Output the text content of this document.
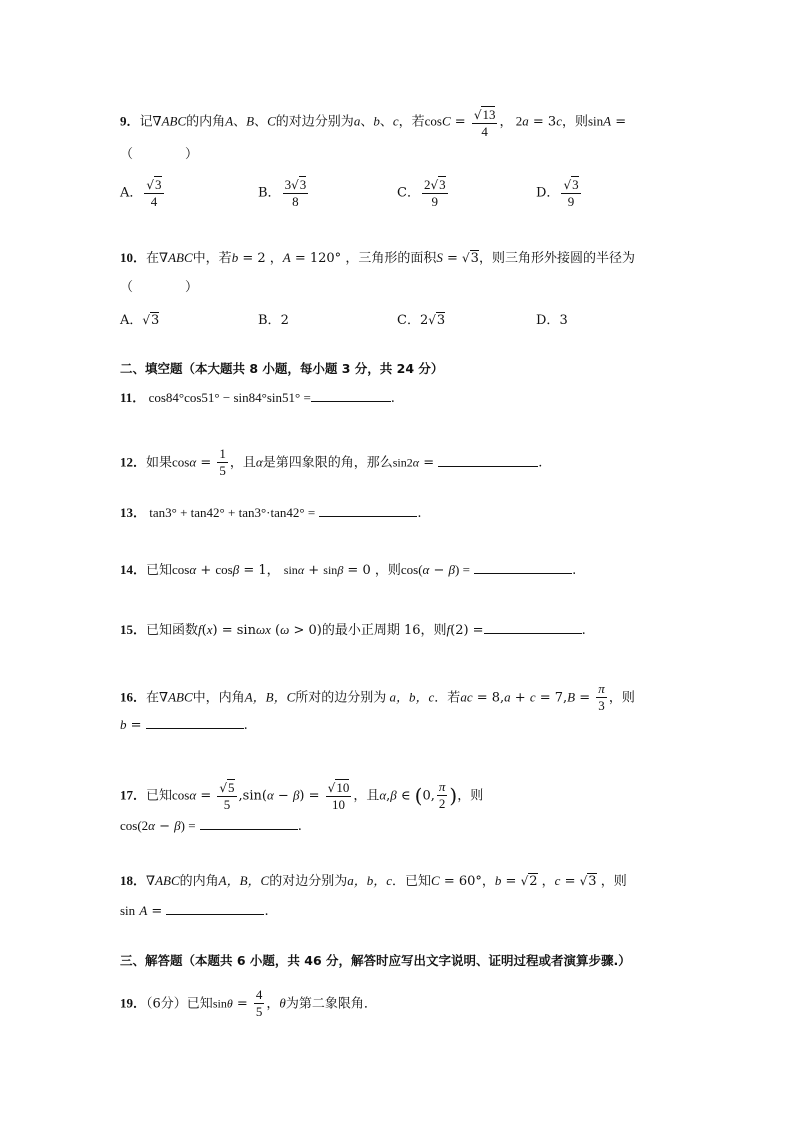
9．记∇ABC的内角A、B、C的对边分别为a、b、c，若$\cos C = \frac{√13}{4}$ ， 2a = 3c，则sinA =
（　　　　）
A． $\frac{√3}{4}$	B． $\frac{3√3}{8}$	C． $\frac{2√3}{9}$	D． $\frac{√3}{9}$
10．在∇ABC中，若b = 2 ，A = 120° ，三角形的面积S = √3，则三角形外接圆的半径为
（　　　　）
A．√3	B．2	C．2√3	D．3
二、填空题（本大题共 8 小题，每小题 3 分，共 24 分）
11． cos84°cos51° − sin84°sin51° =	.
12．如果$\cos\alpha = \frac{1}{5}$ ，且α是第四象限的角，那么sin2α =	.
13． tan3° + tan42° + tan3°·tan42° =	.
14．已知cosα + cosβ = 1， sinα + sinβ = 0 ，则cos(α − β) =	.
15．已知函数f(x) = sinωx (ω > 0)的最小正周期 16，则f(2) =	.
16．在∇ABC中，内角A，B，C所对的边分别为 a，b，c．若ac = $8,a + c = 7,B = \frac{\pi}{3}$ ，则
b =	.
17．已知$\cos\alpha = \frac{√5}{5} ,\sin(\alpha - \beta) = \frac{√10}{10}$ ，且α,β ∈ (0, $\frac{\pi}{2}$ )，则
cos(2α − β) =	.
18．∇ABC的内角A，B，C的对边分别为a，b，c．已知C = 60°，b = √2 ，c = √3 ，则
sin A =	.
三、解答题（本题共 6 小题，共 46 分，解答时应写出文字说明、证明过程或者演算步骤.）
19．（6分）已知$\sin\theta = \frac{4}{5}$ ，θ为第二象限角．
